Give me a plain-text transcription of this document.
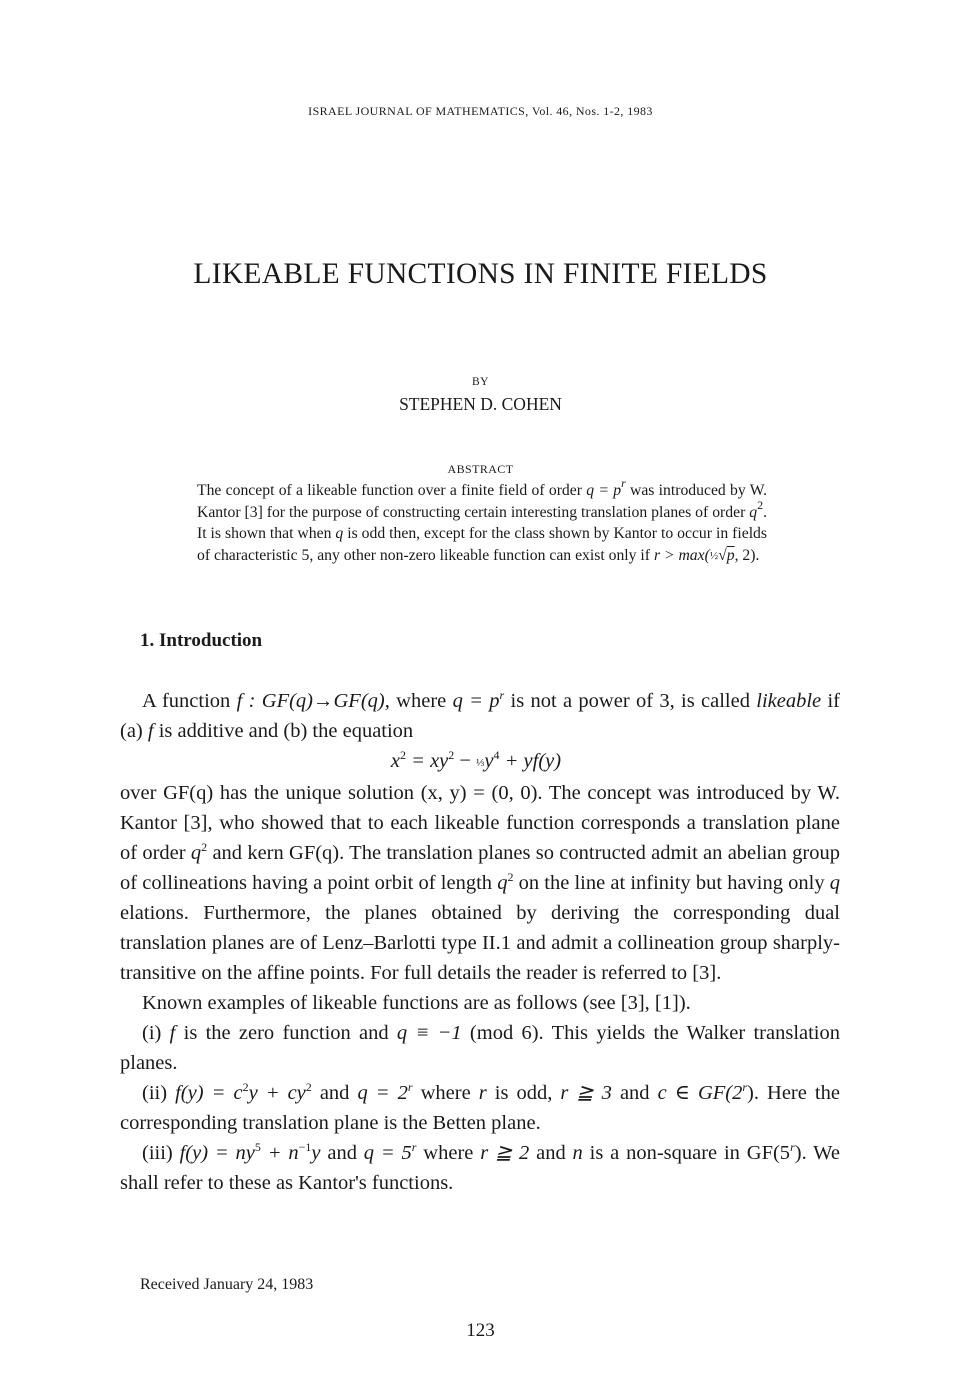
ISRAEL JOURNAL OF MATHEMATICS, Vol. 46, Nos. 1-2, 1983
LIKEABLE FUNCTIONS IN FINITE FIELDS
BY
STEPHEN D. COHEN
ABSTRACT
The concept of a likeable function over a finite field of order $q = p^r$ was introduced by W. Kantor [3] for the purpose of constructing certain interesting translation planes of order $q^2$. It is shown that when q is odd then, except for the class shown by Kantor to occur in fields of characteristic 5, any other non-zero likeable function can exist only if r > max(½√p, 2).
1. Introduction

A function f : GF(q)→GF(q), where $q = p^r$ is not a power of 3, is called likeable if (a) f is additive and (b) the equation

$x^2 = xy^2$ − $\frac{1}{3}y^4 + yf(y)$

over GF(q) has the unique solution (x, y) = (0, 0). The concept was introduced by W. Kantor [3], who showed that to each likeable function corresponds a translation plane of order $q^2$ and kern GF(q). The translation planes so contructed admit an abelian group of collineations having a point orbit of length $q^2$ on the line at infinity but having only q elations. Furthermore, the planes obtained by deriving the corresponding dual translation planes are of Lenz–Barlotti type II.1 and admit a collineation group sharply-transitive on the affine points. For full details the reader is referred to [3].

Known examples of likeable functions are as follows (see [3], [1]).

(i) f is the zero function and q ≡ −1 (mod 6). This yields the Walker translation planes.

(ii) $f(y) = c^2y + cy^2$ and $q = 2^r$ where r is odd, r ≧ 3 and c ∈ GF(2$^r$). Here the corresponding translation plane is the Betten plane.

(iii) $f(y) = ny^5 + n^{-1}y$ and $q = 5^r$ where r ≧ 2 and n is a non-square in GF(5$^r$). We shall refer to these as Kantor's functions.

Received January 24, 1983
123
